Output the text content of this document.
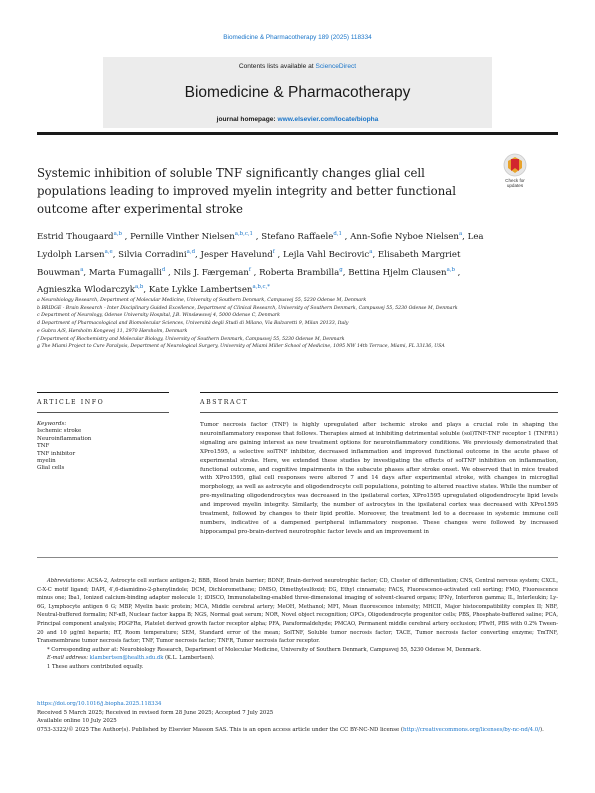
Biomedicine & Pharmacotherapy 189 (2025) 118334
Contents lists available at ScienceDirect
Biomedicine & Pharmacotherapy
journal homepage: www.elsevier.com/locate/biopha
Check for
updates
Systemic inhibition of soluble TNF significantly changes glial cell populations leading to improved myelin integrity and better functional outcome after experimental stroke
Estrid Thougaard$^{a,b}$ , Pernille Vinther Nielsen$^{a,b,c,1}$ , Stefano Raffaele$^{d,1}$ , Ann-Sofie Nyboe Nielsen$^a$, Lea Lydolph Larsen$^{a,e}$, Silvia Corradini$^{a,d}$, Jesper Havelund$^f$ , Lejla Vahl Becirovic$^a$, Elisabeth Margriet Bouwman$^a$, Marta Fumagalli$^d$ , Nils J. Færgeman$^f$ , Roberta Brambilla$^g$, Bettina Hjelm Clausen$^{a,b}$ , Agnieszka Wlodarczyk$^{a,b}$, Kate Lykke Lambertsen$^{a,b,c,*}$
a Neurobiology Research, Department of Molecular Medicine, University of Southern Denmark, Campusvej 55, 5230 Odense M, Denmark
b BRIDGE - Brain Research - Inter Disciplinary Guided Excellence, Department of Clinical Research, University of Southern Denmark, Campusvej 55, 5230 Odense M, Denmark
c Department of Neurology, Odense University Hospital, J.B. Winsløwsvej 4, 5000 Odense C, Denmark
d Department of Pharmacological and Biomolecular Sciences, Università degli Studi di Milano, Via Balzaretti 9, Milan 20133, Italy
e Gubra A/S, Hørsholm Kongevej 11, 2970 Hørsholm, Denmark
f Department of Biochemistry and Molecular Biology, University of Southern Denmark, Campusvej 55, 5230 Odense M, Denmark
g The Miami Project to Cure Paralysis, Department of Neurological Surgery, University of Miami Miller School of Medicine, 1095 NW 14th Terrace, Miami, FL 33136, USA
ARTICLE INFO	ABSTRACT
Keywords:
Ischemic stroke
Neuroinflammation
TNF
TNF inhibitor
myelin
Glial cells
Tumor necrosis factor (TNF) is highly upregulated after ischemic stroke and plays a crucial role in shaping the neuroinflammatory response that follows. Therapies aimed at inhibiting detrimental soluble (sol)TNF-TNF receptor 1 (TNFR1) signaling are gaining interest as new treatment options for neuroinflammatory conditions. We previously demonstrated that XPro1595, a selective solTNF inhibitor, decreased inflammation and improved functional outcome in the acute phase of experimental stroke. Here, we extended these studies by investigating the effects of solTNF inhibition on inflammation, functional outcome, and cognitive impairments in the subacute phases after stroke onset. We observed that in mice treated with XPro1595, glial cell responses were altered 7 and 14 days after experimental stroke, with changes in microglial morphology, as well as astrocyte and oligodendrocyte cell populations, pointing to altered reactive states. While the number of pre-myelinating oligodendrocytes was decreased in the ipsilateral cortex, XPro1595 upregulated oligodendrocyte lipid levels and improved myelin integrity. Similarly, the number of astrocytes in the ipsilateral cortex was decreased with XPro1595 treatment, followed by changes to their lipid profile. Moreover, the treatment led to a decrease in systemic immune cell numbers, indicative of a dampened peripheral inflammatory response. These changes were followed by increased hippocampal pro-brain-derived neurotrophic factor levels and an improvement in
Abbreviations: ACSA-2, Astrocyte cell surface antigen-2; BBB, Blood brain barrier; BDNF, Brain-derived neurotrophic factor; CD, Cluster of differentiation; CNS, Central nervous system; CXCL, C-X-C motif ligand; DAPI, 4′,6-diamidino-2-phenylindole; DCM, Dichloromethane; DMSO, Dimethylsulfoxid; EG, Ethyl cinnamate; FACS, Fluorescence-activated cell sorting; FMO, Fluorescence minus one; Iba1, Ionized calcium-binding adapter molecule 1; iDISCO, Immunolabeling-enabled three-dimensional imaging of solvent-cleared organs; IFNγ, Interferon gamma; IL, Interleukin; Ly-6G, Lymphocyte antigen 6 G; MBP, Myelin basic protein; MCA, Middle cerebral artery; MeOH, Methanol; MFI, Mean fluorescence intensity; MHCII, Major histocompatibility complex II; NBF, Neutral-buffered formalin; NF-κB, Nuclear factor kappa B; NGS, Normal goat serum; NOR, Novel object recognition; OPCs, Oligodendrocyte progenitor cells; PBS, Phosphate-buffered saline; PCA, Principal component analysis; PDGFRα, Platelet derived growth factor receptor alpha; PFA, Paraformaldehyde; PMCAO, Permanent middle cerebral artery occlusion; PTwH, PBS with 0.2% Tween-20 and 10 μg/ml heparin; RT, Room temperature; SEM, Standard error of the mean; SolTNF, Soluble tumor necrosis factor; TACE, Tumor necrosis factor converting enzyme; TmTNF, Transmembrane tumor necrosis factor; TNF, Tumor necrosis factor; TNFR, Tumor necrosis factor receptor.
* Corresponding author at: Neurobiology Research, Department of Molecular Medicine, University of Southern Denmark, Campusvej 55, 5230 Odense M, Denmark.
E-mail address: klambertsen@health.sdu.dk (K.L. Lambertsen).
1 These authors contributed equally.
https://doi.org/10.1016/j.biopha.2025.118334
Received 5 March 2025; Received in revised form 28 June 2025; Accepted 7 July 2025
Available online 10 July 2025
0753-3322/© 2025 The Author(s). Published by Elsevier Masson SAS. This is an open access article under the CC BY-NC-ND license (http://creativecommons.org/licenses/by-nc-nd/4.0/).
